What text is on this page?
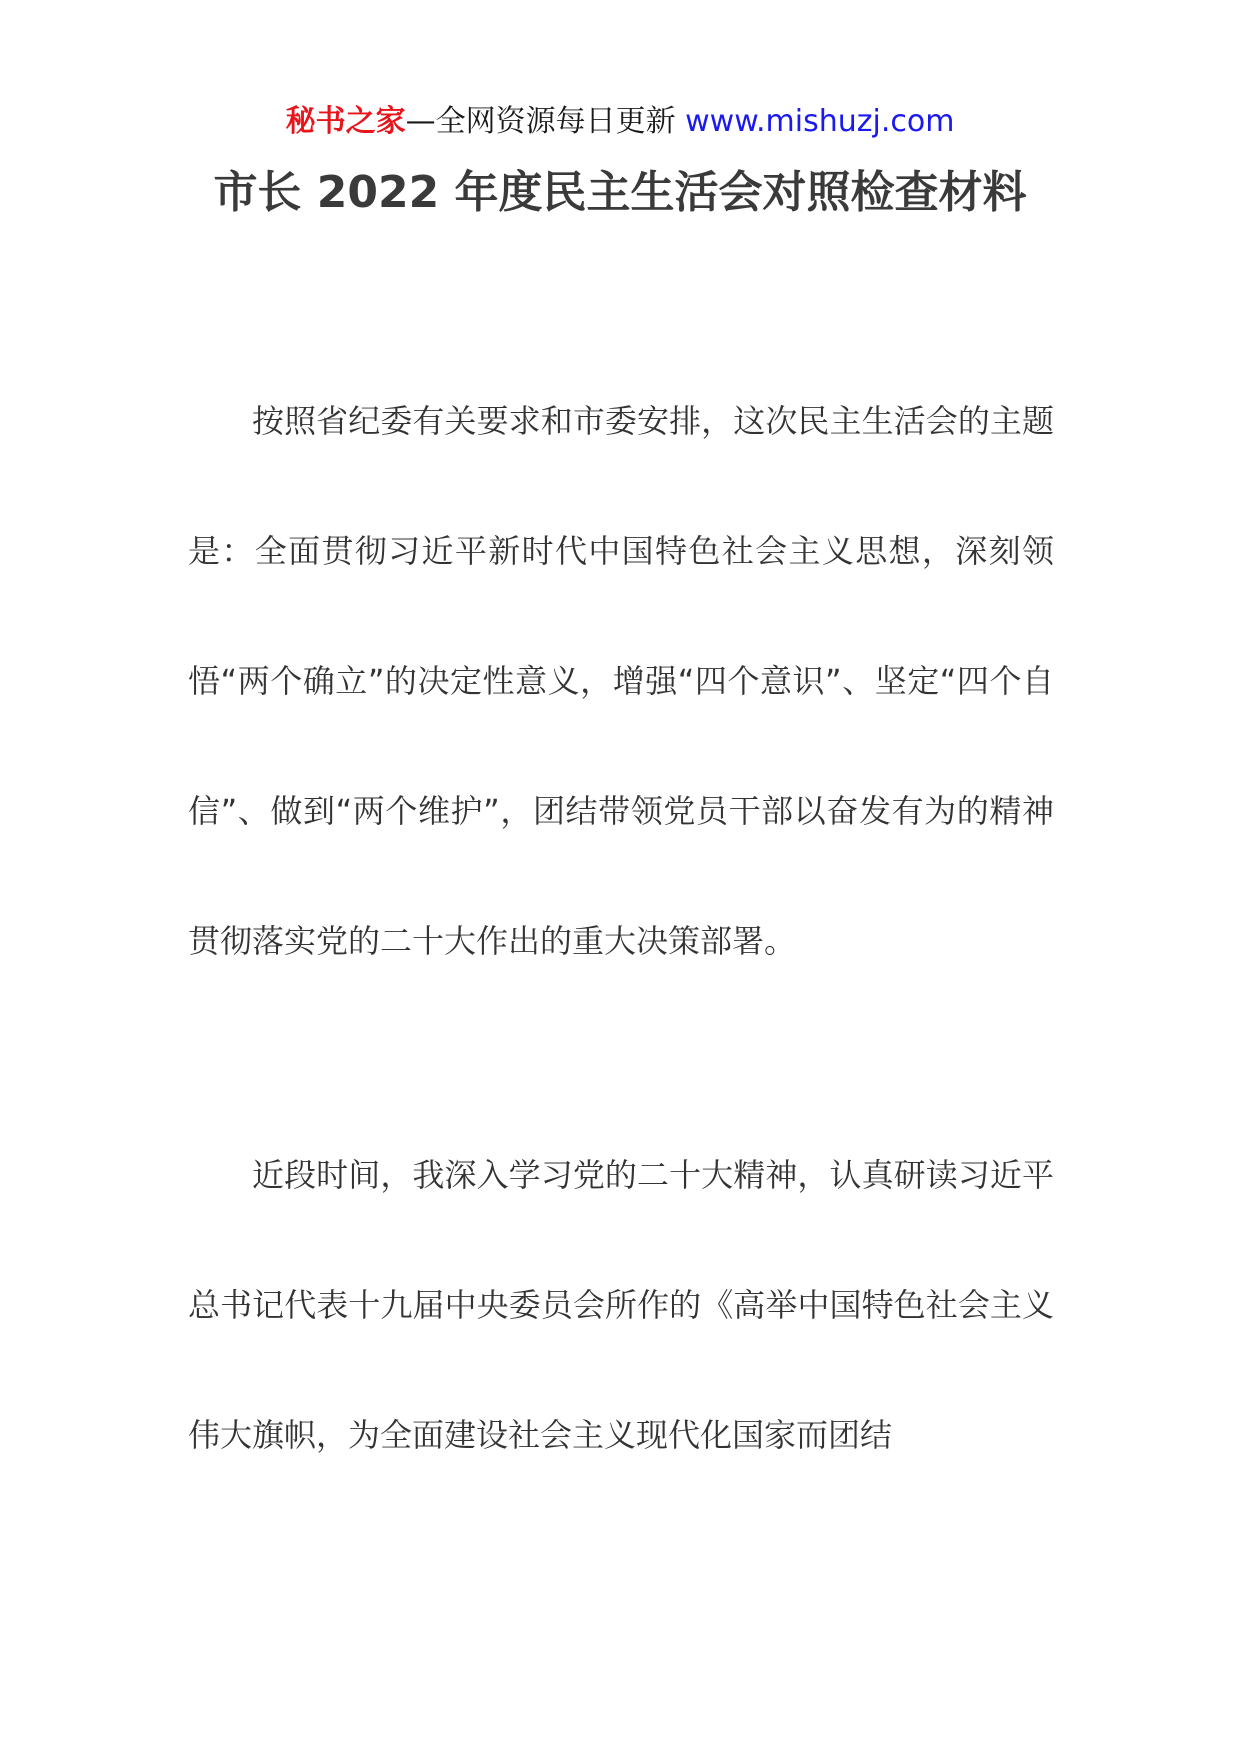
秘书之家—全网资源每日更新 www.mishuzj.com
市长 2022 年度民主生活会对照检查材料

按照省纪委有关要求和市委安排，这次民主生活会的主题是：全面贯彻习近平新时代中国特色社会主义思想，深刻领悟“两个确立”的决定性意义，增强“四个意识”、坚定“四个自信”、做到“两个维护”，团结带领党员干部以奋发有为的精神贯彻落实党的二十大作出的重大决策部署。

近段时间，我深入学习党的二十大精神，认真研读习近平总书记代表十九届中央委员会所作的《高举中国特色社会主义伟大旗帜，为全面建设社会主义现代化国家而团结
